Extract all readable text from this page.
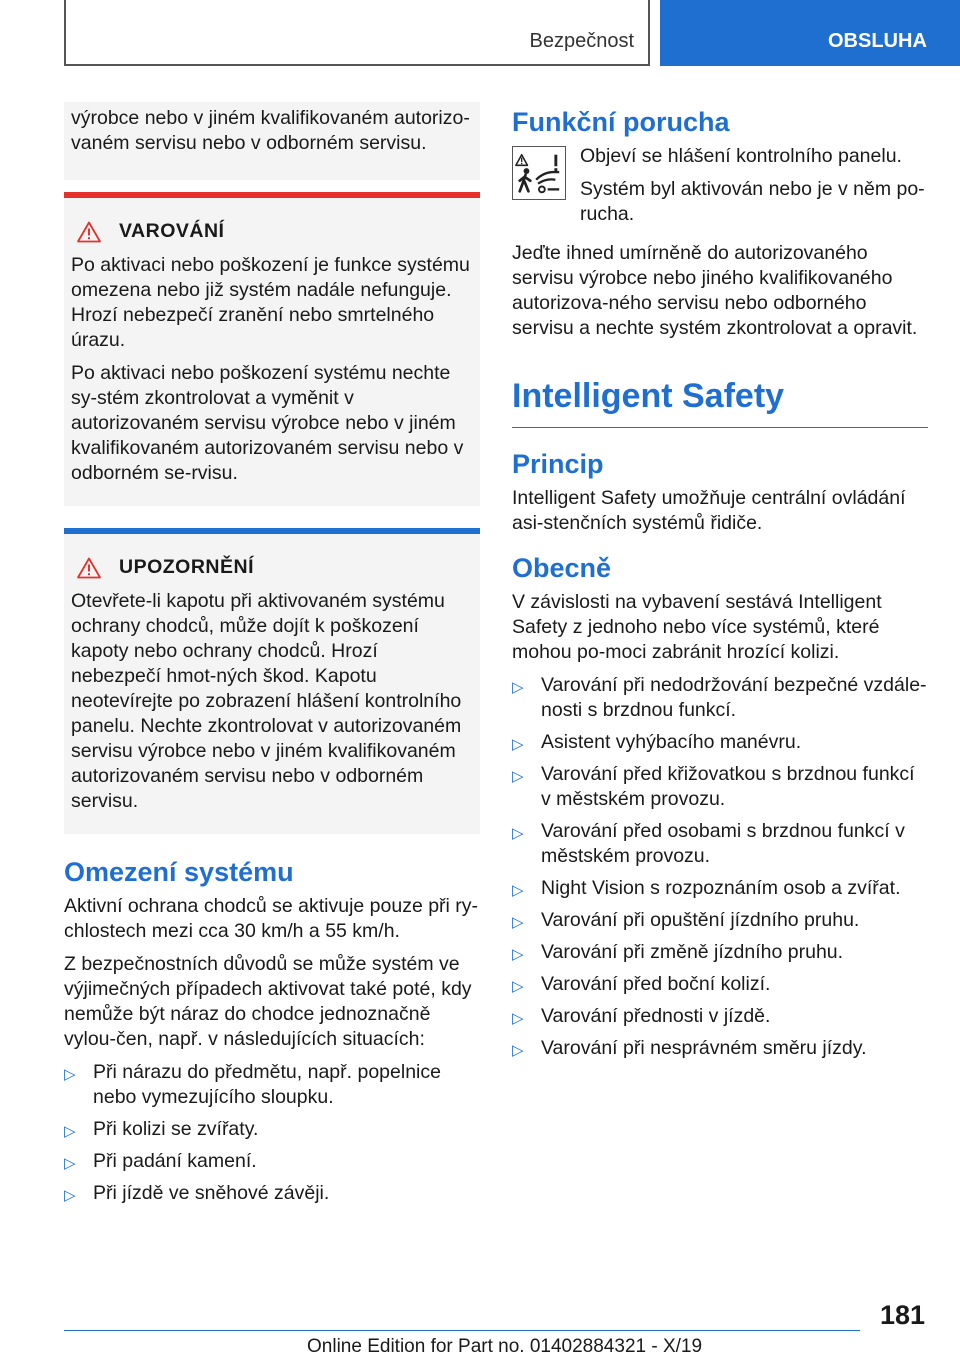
Bezpečnost	OBSLUHA

výrobce nebo v jiném kvalifikovaném autorizo‐vaném servisu nebo v odborném servisu.

VAROVÁNÍ

Po aktivaci nebo poškození je funkce systému omezena nebo již systém nadále nefunguje. Hrozí nebezpečí zranění nebo smrtelného úrazu.

Po aktivaci nebo poškození systému nechte sy‐stém zkontrolovat a vyměnit v autorizovaném servisu výrobce nebo v jiném kvalifikovaném autorizovaném servisu nebo v odborném se‐rvisu.

UPOZORNĚNÍ

Otevřete-li kapotu při aktivovaném systému ochrany chodců, může dojít k poškození kapoty nebo ochrany chodců. Hrozí nebezpečí hmot‐ných škod. Kapotu neotevírejte po zobrazení hlášení kontrolního panelu. Nechte zkontrolovat v autorizovaném servisu výrobce nebo v jiném kvalifikovaném autorizovaném servisu nebo v odborném servisu.

Omezení systému

Aktivní ochrana chodců se aktivuje pouze při ry‐chlostech mezi cca 30 km/h a 55 km/h.

Z bezpečnostních důvodů se může systém ve výjimečných případech aktivovat také poté, kdy nemůže být náraz do chodce jednoznačně vylou‐čen, např. v následujících situacích:

▷ Při nárazu do předmětu, např. popelnice nebo vymezujícího sloupku.
▷ Při kolizi se zvířaty.
▷ Při padání kamení.
▷ Při jízdě ve sněhové závěji.
Funkční porucha

Objeví se hlášení kontrolního panelu.

Systém byl aktivován nebo je v něm po‐rucha.

Jeďte ihned umírněně do autorizovaného servisu výrobce nebo jiného kvalifikovaného autorizova‐ného servisu nebo odborného servisu a nechte systém zkontrolovat a opravit.

Intelligent Safety
Princip

Intelligent Safety umožňuje centrální ovládání asi‐stenčních systémů řidiče.

Obecně

V závislosti na vybavení sestává Intelligent Safety z jednoho nebo více systémů, které mohou po‐moci zabránit hrozící kolizi.

▷ Varování při nedodržování bezpečné vzdále‐nosti s brzdnou funkcí.
▷ Asistent vyhýbacího manévru.
▷ Varování před křižovatkou s brzdnou funkcí v městském provozu.
▷ Varování před osobami s brzdnou funkcí v městském provozu.
▷ Night Vision s rozpoznáním osob a zvířat.
▷ Varování při opuštění jízdního pruhu.
▷ Varování při změně jízdního pruhu.
▷ Varování před boční kolizí.
▷ Varování přednosti v jízdě.
▷ Varování při nesprávném směru jízdy.
181
Online Edition for Part no. 01402884321 - X/19
